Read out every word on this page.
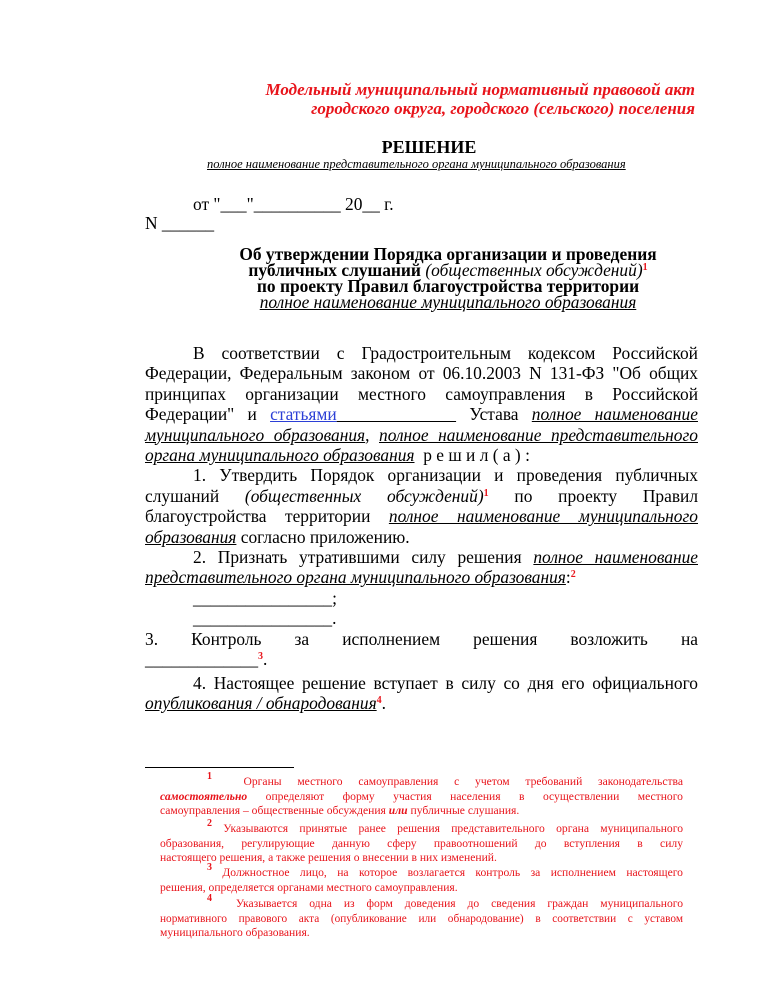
Модельный муниципальный нормативный правовой акт
городского округа, городского (сельского) поселения
РЕШЕНИЕ
полное наименование представительного органа муниципального образования
от "___"__________ 20__ г.
N ______
Об утверждении Порядка организации и проведения
публичных слушаний (общественных обсуждений)$^1$
по проекту Правил благоустройства территории
полное наименование муниципального образования
В соответствии с Градостроительным кодексом Российской
Федерации, Федеральным законом от 06.10.2003 N 131-ФЗ "Об общих
принципах организации местного самоуправления в Российской
Федерации" и статьями	Устава полное наименование
муниципального образования, полное наименование представительного
органа муниципального образования р е ш и л ( а ) :
1. Утвердить Порядок организации и проведения публичных
слушаний (общественных обсуждений)$^1$ по проекту Правил
благоустройства территории полное наименование муниципального
образования согласно приложению.
2. Признать утратившими силу решения полное наименование
представительного органа муниципального образования:$^2$
________________;
________________.
3. Контроль за исполнением решения возложить на
_____________$^3$.
4. Настоящее решение вступает в силу со дня его официального
опубликования / обнародования$^4$.
$^1$	Органы местного самоуправления с учетом требований законодательства
самостоятельно определяют форму участия населения в осуществлении местного
самоуправления – общественные обсуждения или публичные слушания.
$^2$ Указываются принятые ранее решения представительного органа муниципального
образования, регулирующие данную сферу правоотношений до вступления в силу
настоящего решения, а также решения о внесении в них изменений.
$^3$ Должностное лицо, на которое возлагается контроль за исполнением настоящего
решения, определяется органами местного самоуправления.
$^4$ Указывается одна из форм доведения до сведения граждан муниципального
нормативного правового акта (опубликование или обнародование) в соответствии с уставом
муниципального образования.
